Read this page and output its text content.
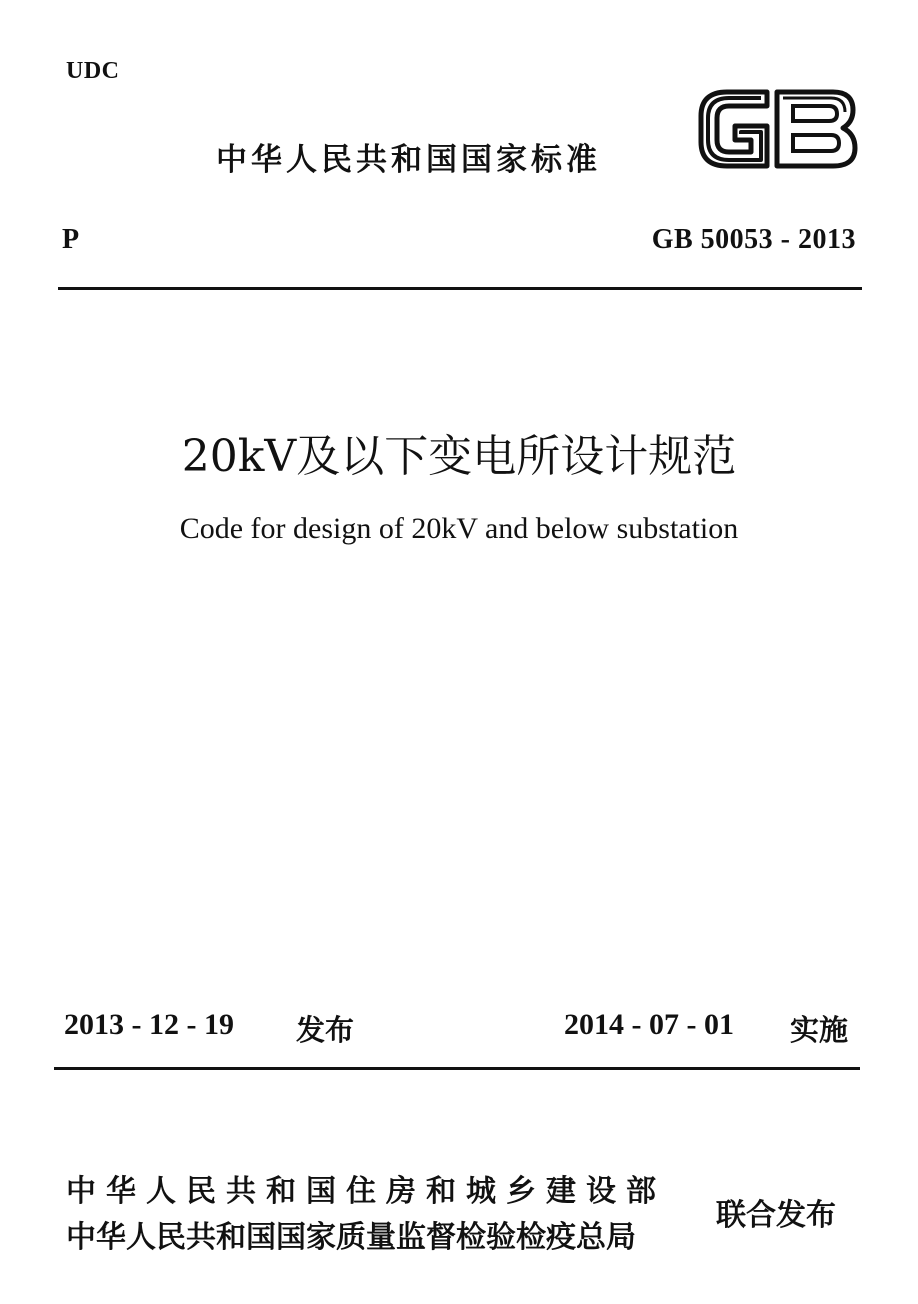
UDC
中华人民共和国国家标准
P	GB 50053 - 2013
20kV及以下变电所设计规范
Code for design of 20kV and below substation
2013 - 12 - 19 发布	2014 - 07 - 01 实施
中华人民共和国住房和城乡建设部
中华人民共和国国家质量监督检验检疫总局
联合发布
